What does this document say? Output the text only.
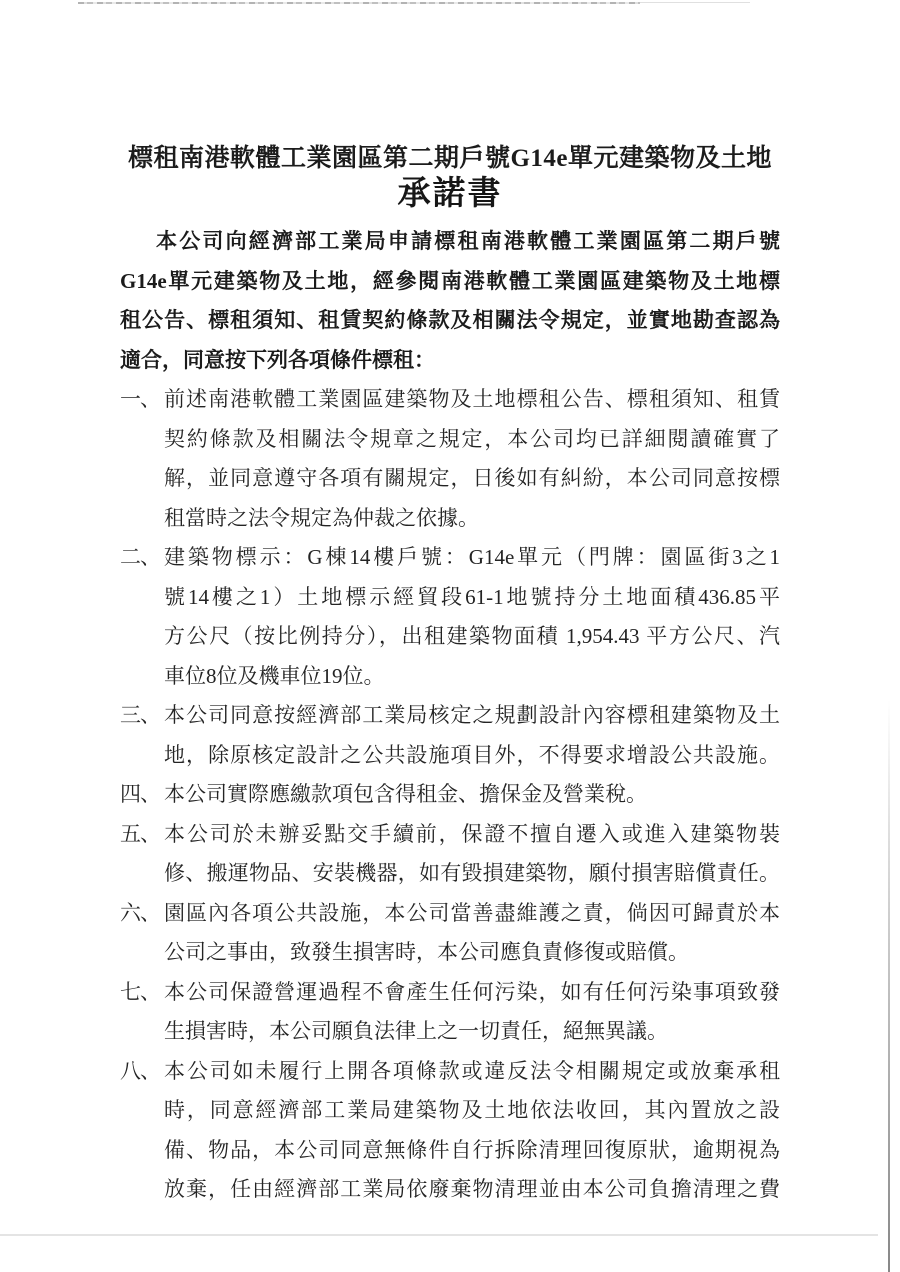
標租南港軟體工業園區第二期戶號G14e單元建築物及土地
承諾書
本公司向經濟部工業局申請標租南港軟體工業園區第二期戶號
G14e單元建築物及土地，經參閱南港軟體工業園區建築物及土地標
租公告、標租須知、租賃契約條款及相關法令規定，並實地勘查認為
適合，同意按下列各項條件標租：
一、 前述南港軟體工業園區建築物及土地標租公告、標租須知、租賃
契約條款及相關法令規章之規定，本公司均已詳細閱讀確實了
解，並同意遵守各項有關規定，日後如有糾紛，本公司同意按標
租當時之法令規定為仲裁之依據。
二、 建築物標示：G棟14樓戶號：G14e單元（門牌：園區街3之1
號14樓之1）土地標示經貿段61-1地號持分土地面積436.85平
方公尺（按比例持分），出租建築物面積 1,954.43 平方公尺、汽
車位8位及機車位19位。
三、 本公司同意按經濟部工業局核定之規劃設計內容標租建築物及土
地，除原核定設計之公共設施項目外，不得要求增設公共設施。
四、 本公司實際應繳款項包含得租金、擔保金及營業稅。
五、 本公司於未辦妥點交手續前，保證不擅自遷入或進入建築物裝
修、搬運物品、安裝機器，如有毀損建築物，願付損害賠償責任。
六、 園區內各項公共設施，本公司當善盡維護之責，倘因可歸責於本
公司之事由，致發生損害時，本公司應負責修復或賠償。
七、 本公司保證營運過程不會產生任何污染，如有任何污染事項致發
生損害時，本公司願負法律上之一切責任，絕無異議。
八、 本公司如未履行上開各項條款或違反法令相關規定或放棄承租
時，同意經濟部工業局建築物及土地依法收回，其內置放之設
備、物品，本公司同意無條件自行拆除清理回復原狀，逾期視為
放棄，任由經濟部工業局依廢棄物清理並由本公司負擔清理之費
